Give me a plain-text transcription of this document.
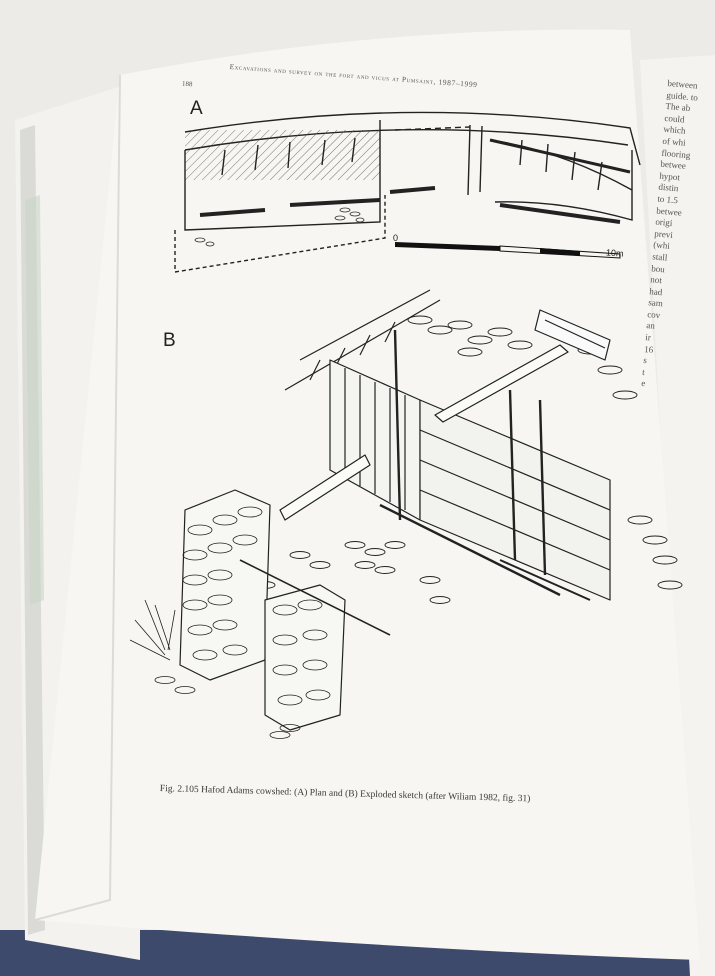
Excavations and survey on the fort and vicus at Pumsaint, 1987–1999
188
A
B
0
10m
Fig. 2.105 Hafod Adams cowshed: (A) Plan and (B) Exploded sketch (after Wiliam 1982, fig. 31)
between
guide. to
The ab
could
which
of whi
flooring
betwee
hypot
distin
to 1.5
betwee
origi
previ
(whi
stall
bou
not
had
sam
cov
an
ir
16
s
t
e
